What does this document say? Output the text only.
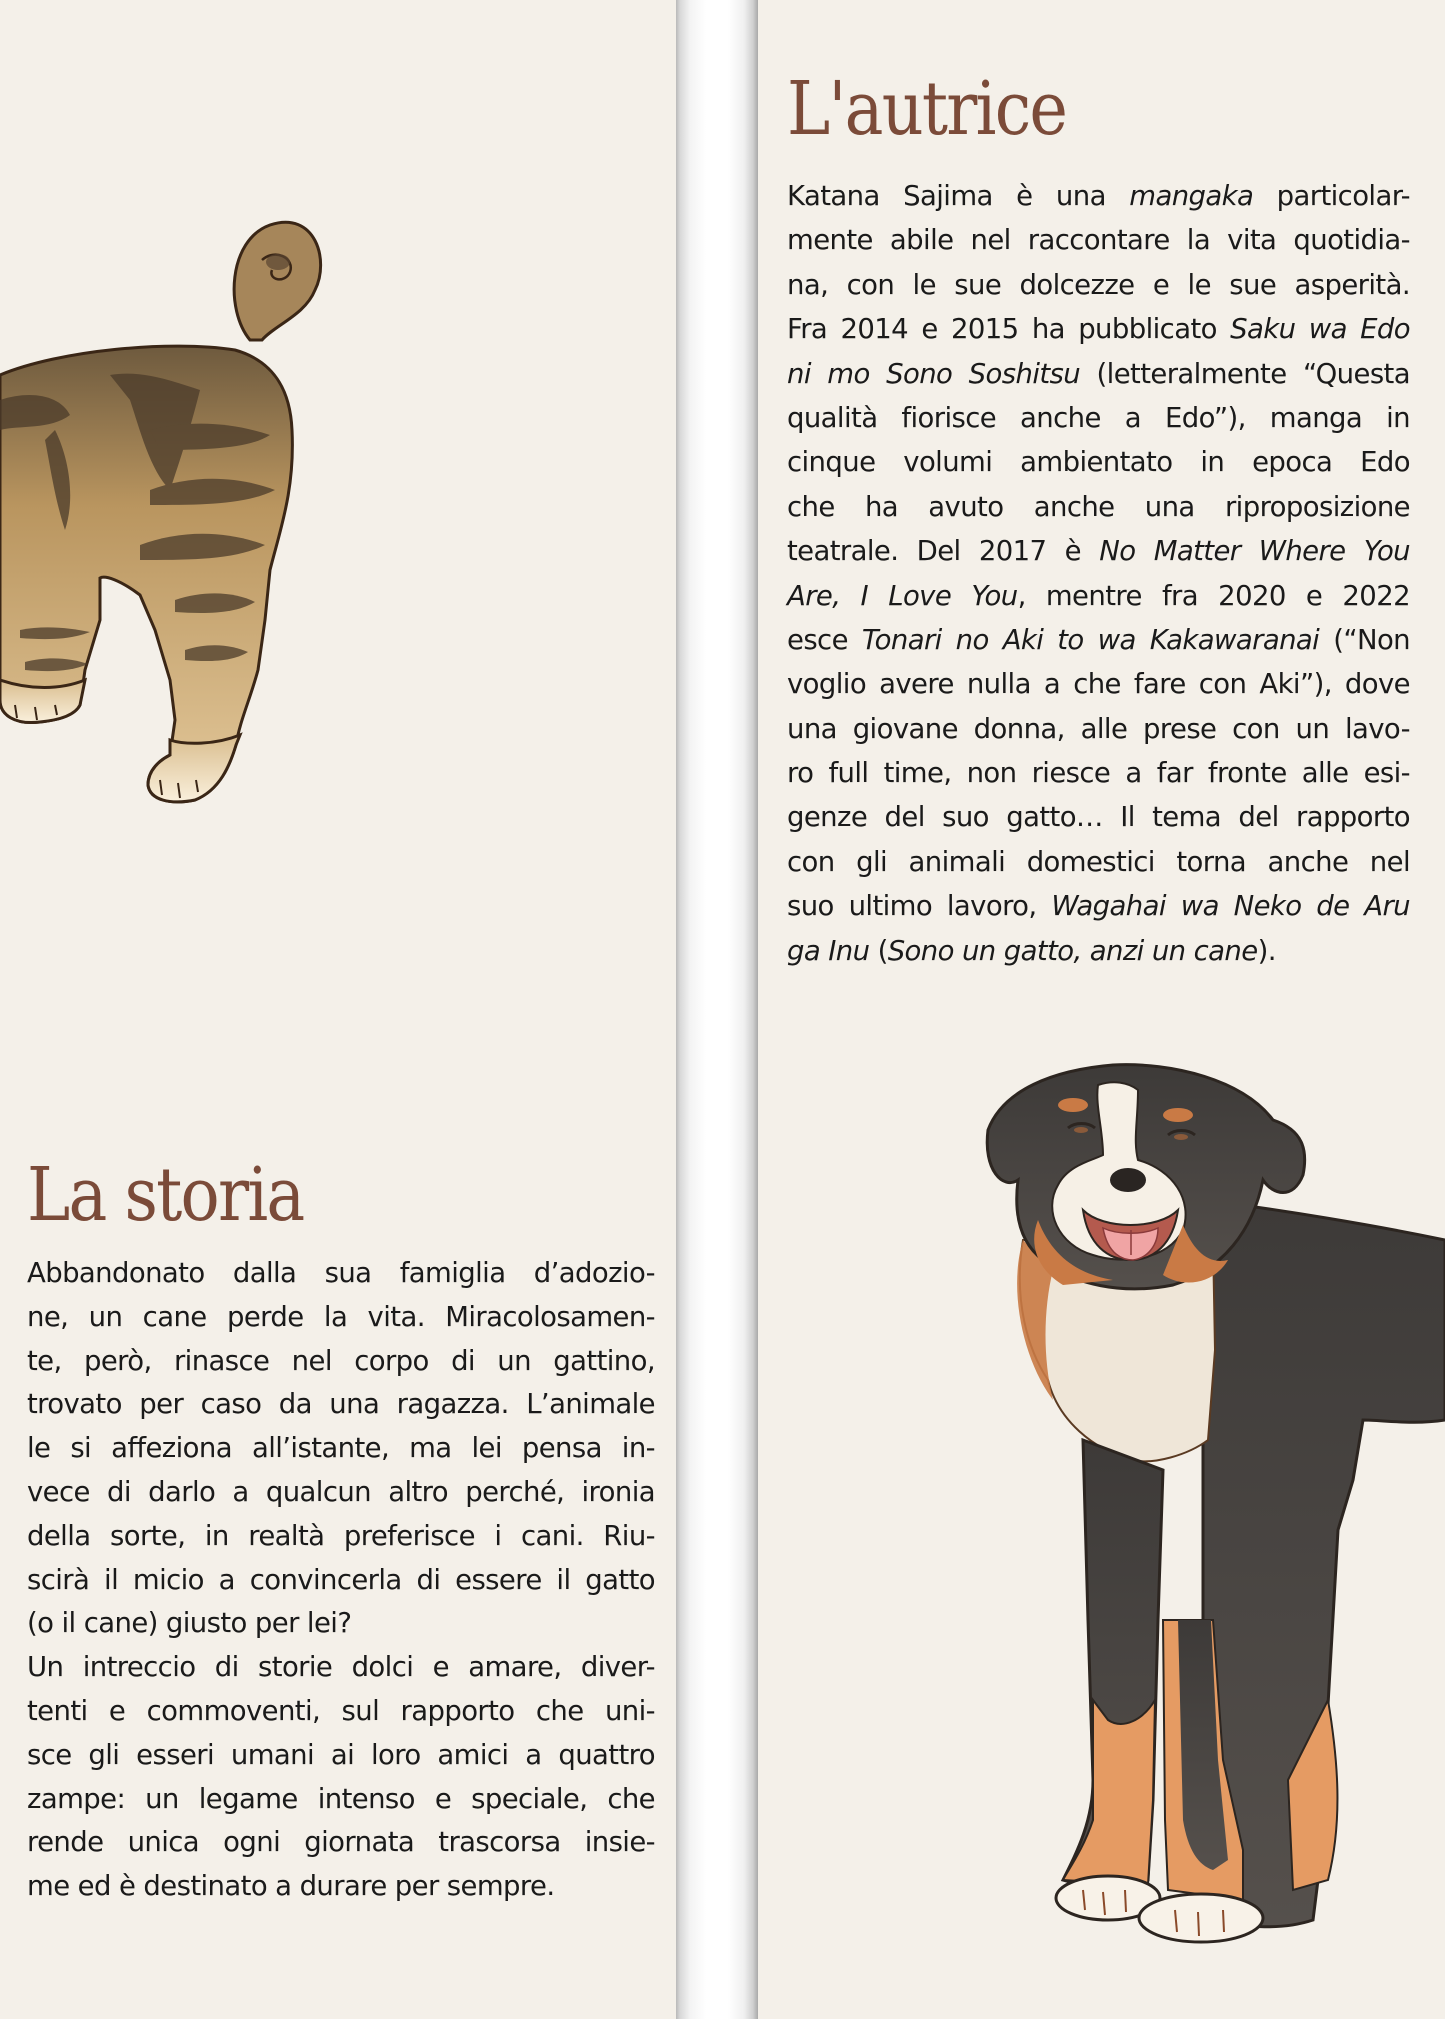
La storia
Abbandonato dalla sua famiglia d’adozio-
ne, un cane perde la vita. Miracolosamen-
te, però, rinasce nel corpo di un gattino,
trovato per caso da una ragazza. L’animale
le si affeziona all’istante, ma lei pensa in-
vece di darlo a qualcun altro perché, ironia
della sorte, in realtà preferisce i cani. Riu-
scirà il micio a convincerla di essere il gatto
(o il cane) giusto per lei?
Un intreccio di storie dolci e amare, diver-
tenti e commoventi, sul rapporto che uni-
sce gli esseri umani ai loro amici a quattro
zampe: un legame intenso e speciale, che
rende unica ogni giornata trascorsa insie-
me ed è destinato a durare per sempre.
L'autrice
Katana Sajima è una mangaka particolar-
mente abile nel raccontare la vita quotidia-
na, con le sue dolcezze e le sue asperità.
Fra 2014 e 2015 ha pubblicato Saku wa Edo
ni mo Sono Soshitsu (letteralmente “Questa
qualità fiorisce anche a Edo”), manga in
cinque volumi ambientato in epoca Edo
che ha avuto anche una riproposizione
teatrale. Del 2017 è No Matter Where You
Are, I Love You, mentre fra 2020 e 2022
esce Tonari no Aki to wa Kakawaranai (“Non
voglio avere nulla a che fare con Aki”), dove
una giovane donna, alle prese con un lavo-
ro full time, non riesce a far fronte alle esi-
genze del suo gatto… Il tema del rapporto
con gli animali domestici torna anche nel
suo ultimo lavoro, Wagahai wa Neko de Aru
ga Inu (Sono un gatto, anzi un cane).
